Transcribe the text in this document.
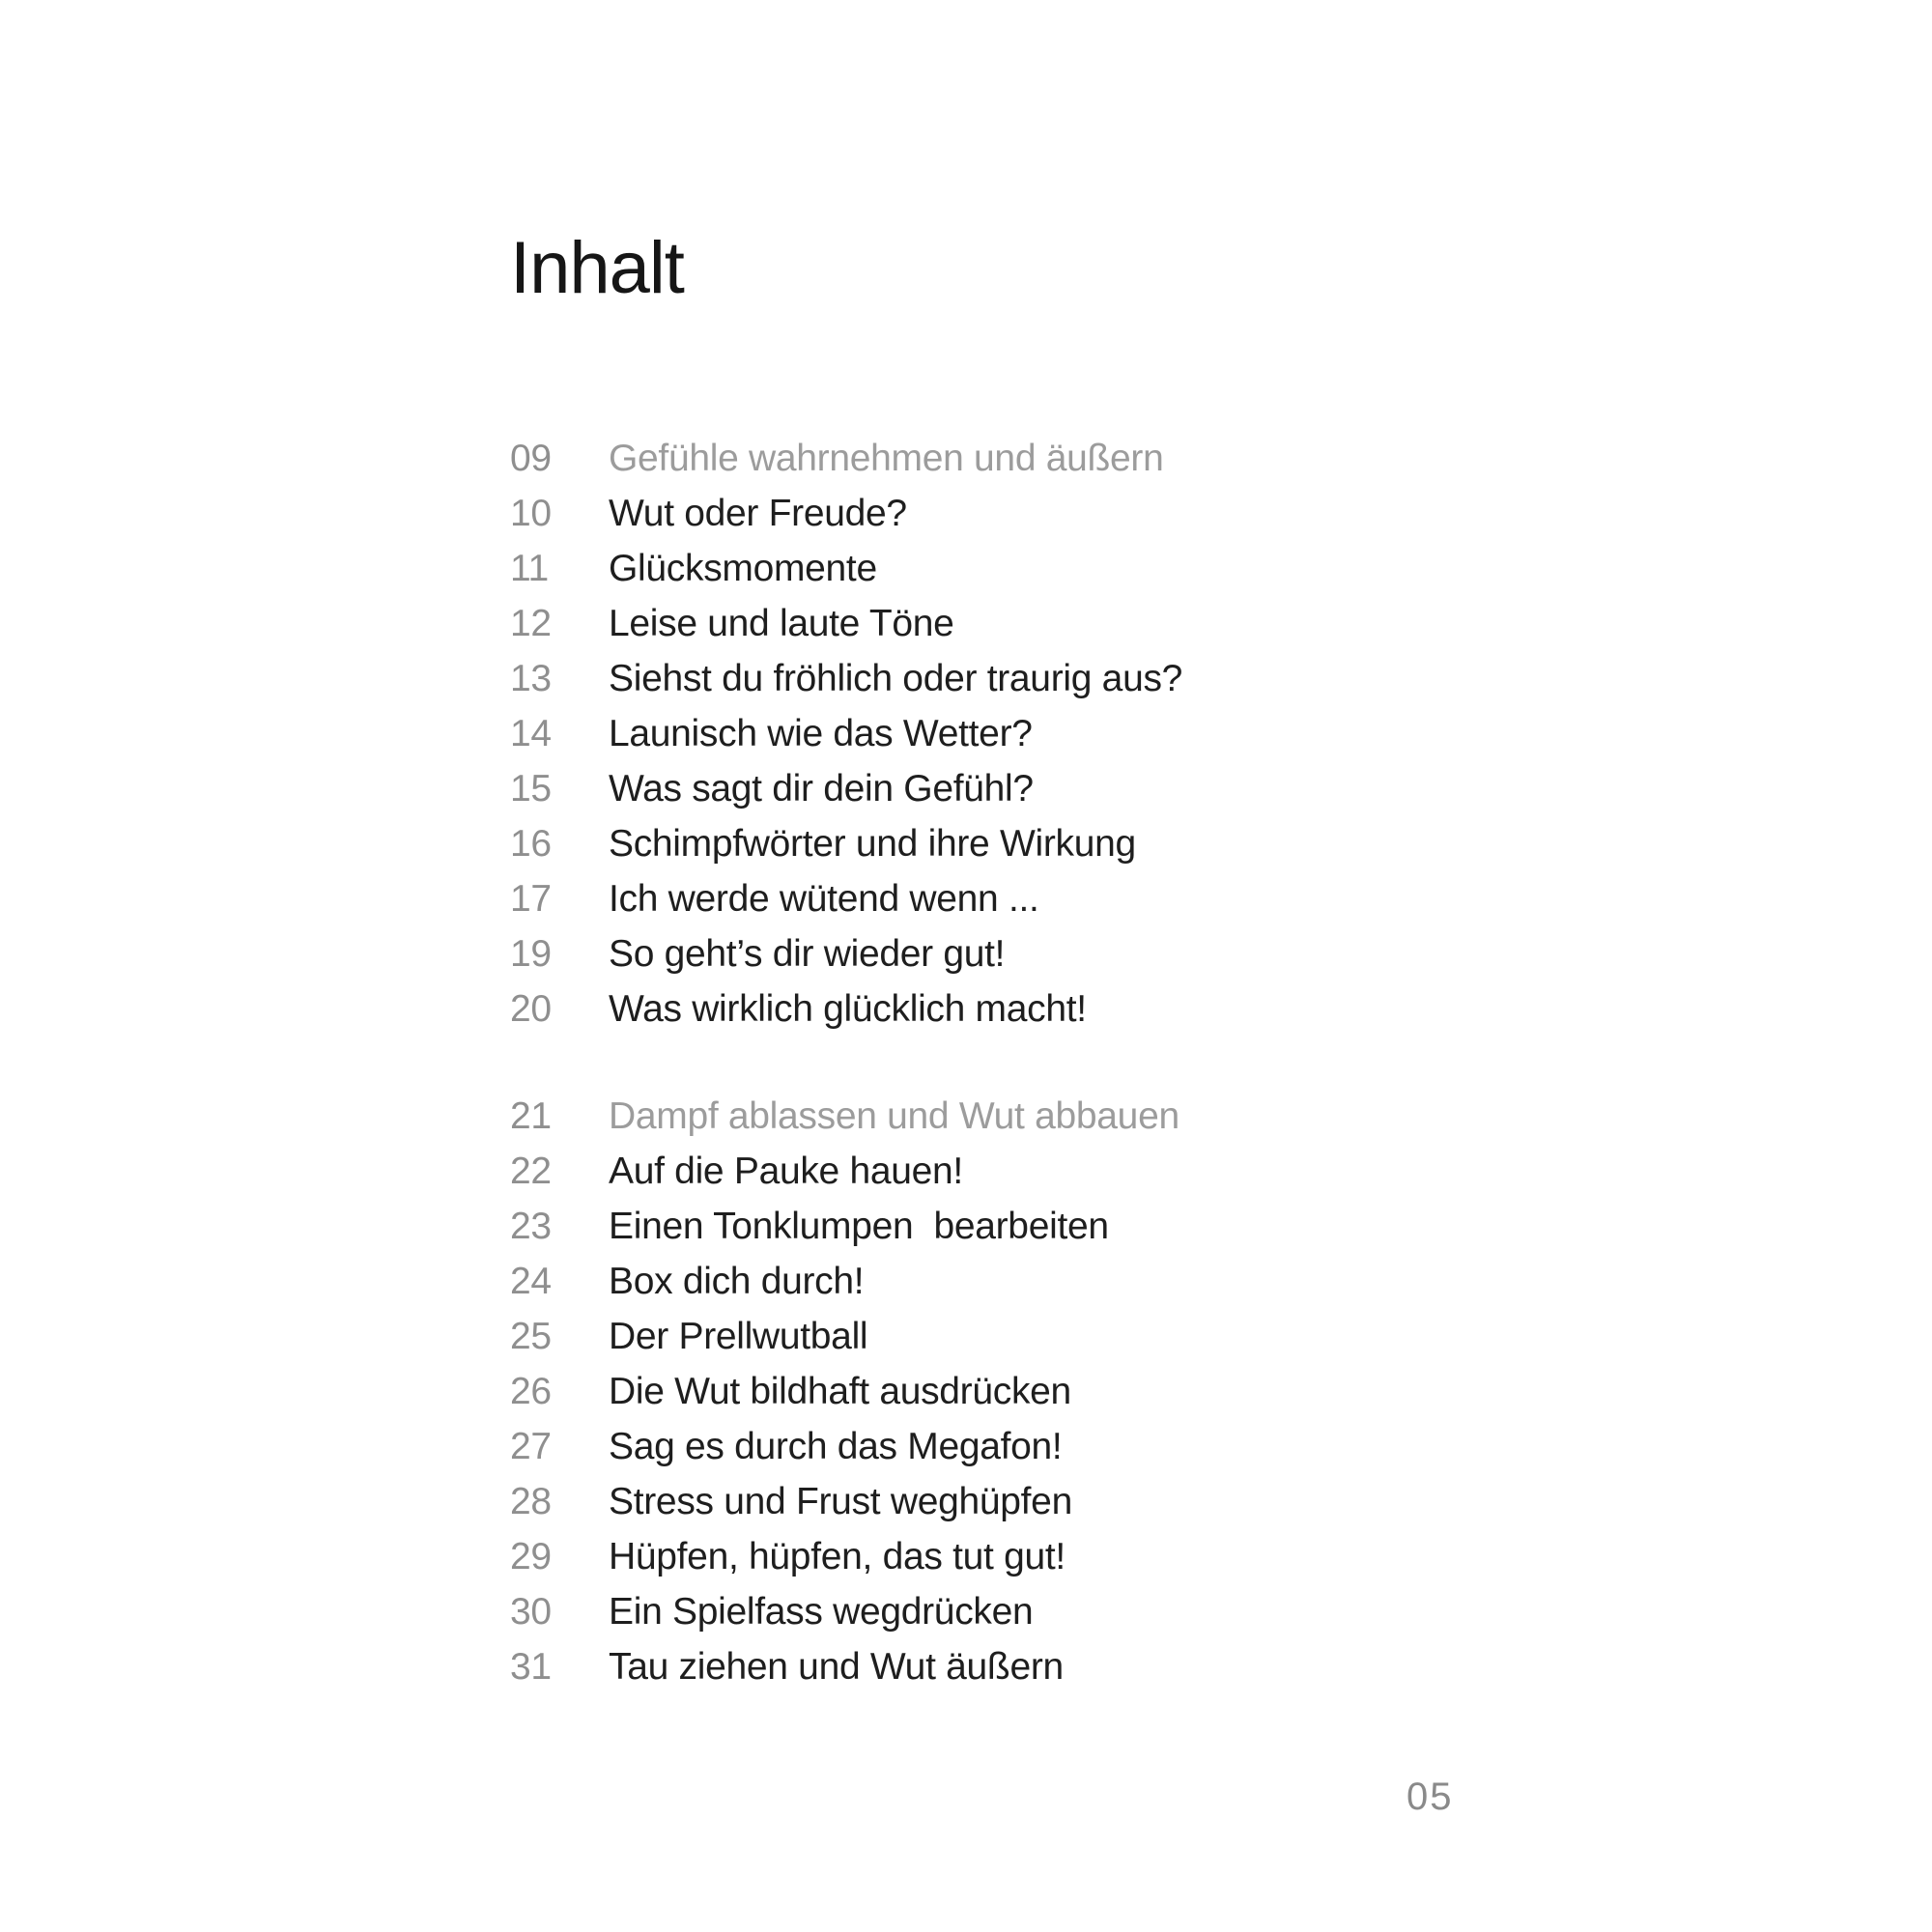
Inhalt
09	Gefühle wahrnehmen und äußern
10	Wut oder Freude?
11	Glücksmomente
12	Leise und laute Töne
13	Siehst du fröhlich oder traurig aus?
14	Launisch wie das Wetter?
15	Was sagt dir dein Gefühl?
16	Schimpfwörter und ihre Wirkung
17	Ich werde wütend wenn ...
19	So geht’s dir wieder gut!
20	Was wirklich glücklich macht!
21	Dampf ablassen und Wut abbauen
22	Auf die Pauke hauen!
23	Einen Tonklumpen  bearbeiten
24	Box dich durch!
25	Der Prellwutball
26	Die Wut bildhaft ausdrücken
27	Sag es durch das Megafon!
28	Stress und Frust weghüpfen
29	Hüpfen, hüpfen, das tut gut!
30	Ein Spielfass wegdrücken
31	Tau ziehen und Wut äußern
05
